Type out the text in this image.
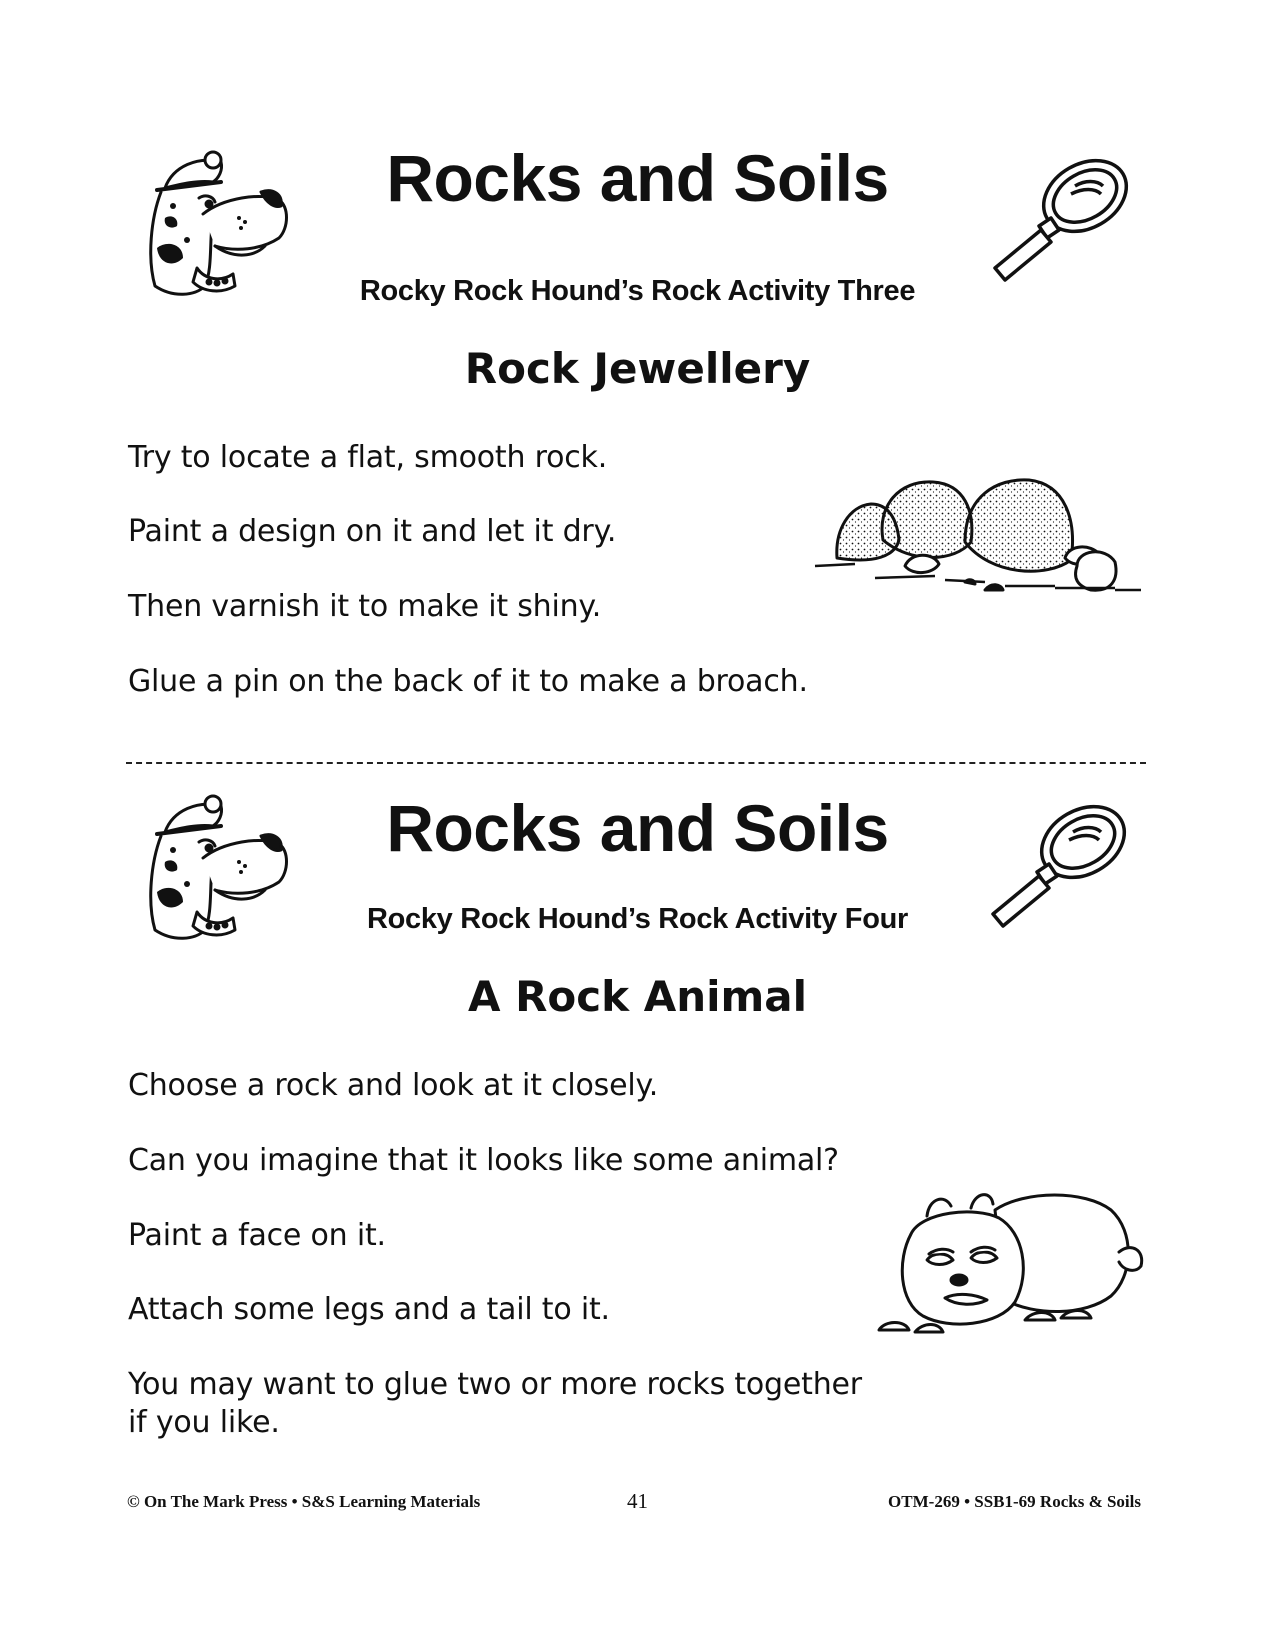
Rocks and Soils
Rocky Rock Hound’s Rock Activity Three
Rock Jewellery
Try to locate a flat, smooth rock.
Paint a design on it and let it dry.
Then varnish it to make it shiny.
Glue a pin on the back of it to make a broach.
Rocks and Soils
Rocky Rock Hound’s Rock Activity Four
A Rock Animal
Choose a rock and look at it closely.
Can you imagine that it looks like some animal?
Paint a face on it.
Attach some legs and a tail to it.
You may want to glue two or more rocks together
if you like.
© On The Mark Press • S&S Learning Materials	41	OTM-269 • SSB1-69 Rocks & Soils
